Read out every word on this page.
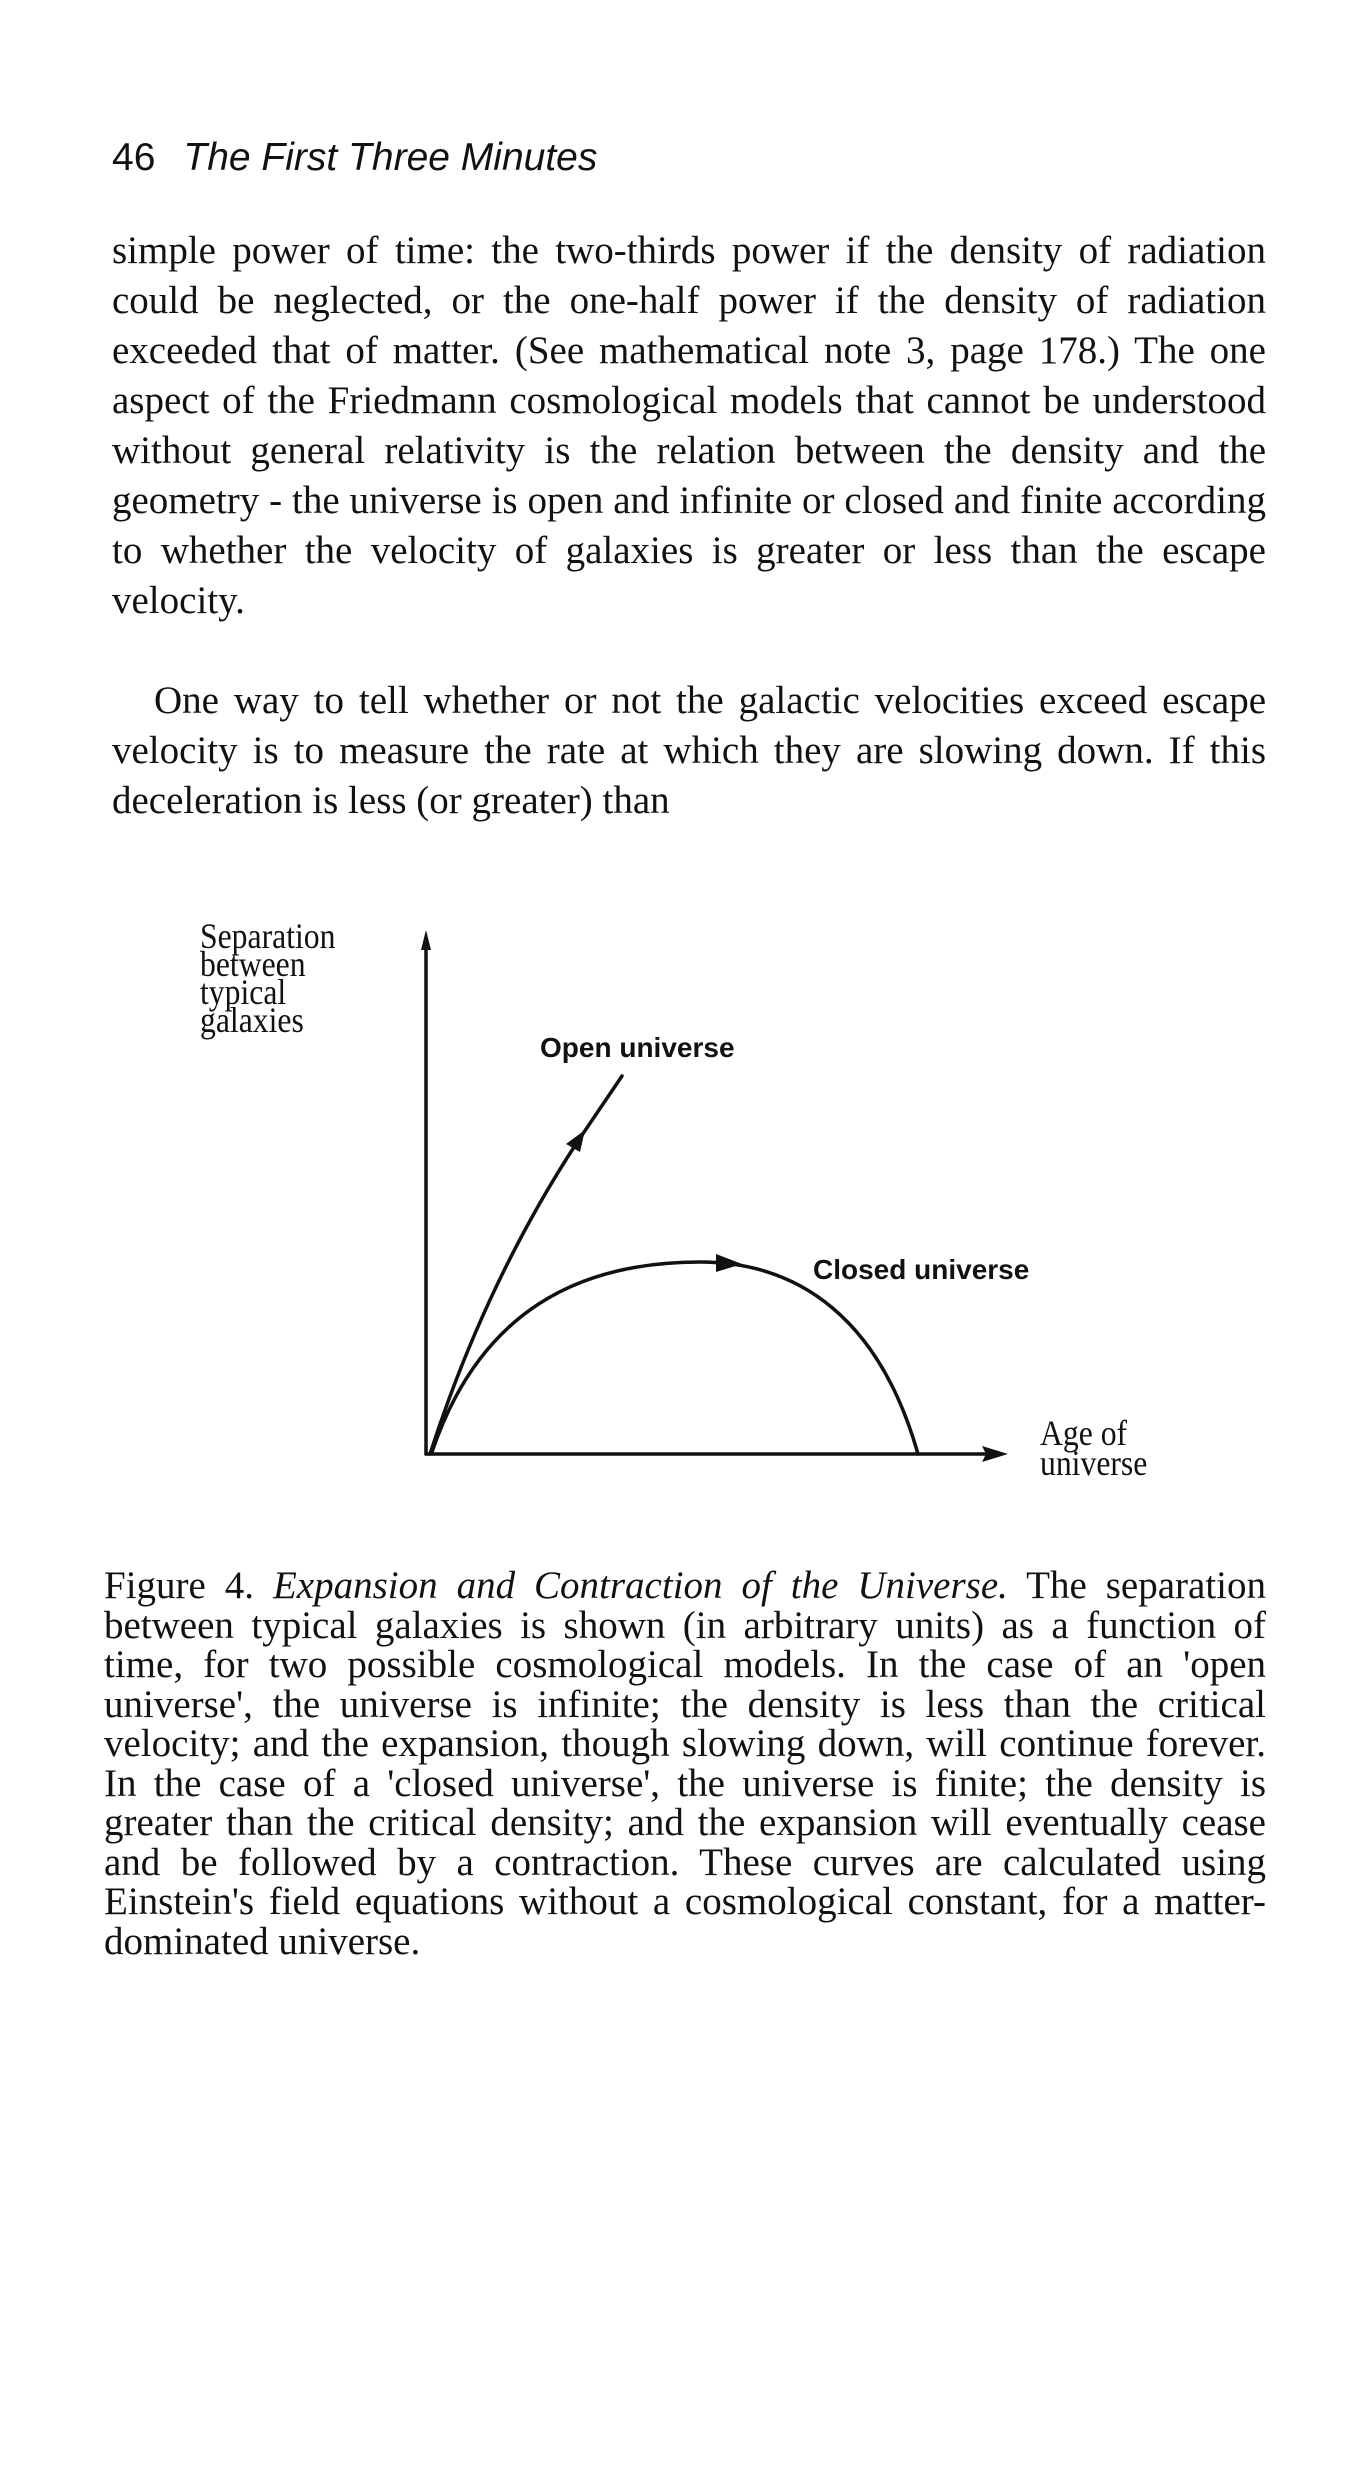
46 The First Three Minutes

simple power of time: the two-thirds power if the density of radiation could be neglected, or the one-half power if the density of radiation exceeded that of matter. (See mathematical note 3, page 178.) The one aspect of the Friedmann cosmological models that cannot be understood without general relativity is the relation between the density and the geometry - the universe is open and infinite or closed and finite according to whether the velocity of galaxies is greater or less than the escape velocity.

One way to tell whether or not the galactic velocities exceed escape velocity is to measure the rate at which they are slowing down. If this deceleration is less (or greater) than

Separation
between
typical
galaxies

Age of
universe

Open universe

Closed universe

Figure 4. Expansion and Contraction of the Universe. The separation between typical galaxies is shown (in arbitrary units) as a function of time, for two possible cosmological models. In the case of an 'open universe', the universe is infinite; the density is less than the critical velocity; and the expansion, though slowing down, will continue forever. In the case of a 'closed universe', the universe is finite; the density is greater than the critical density; and the expansion will eventually cease and be followed by a contraction. These curves are calculated using Einstein's field equations without a cosmological constant, for a matter-dominated universe.
